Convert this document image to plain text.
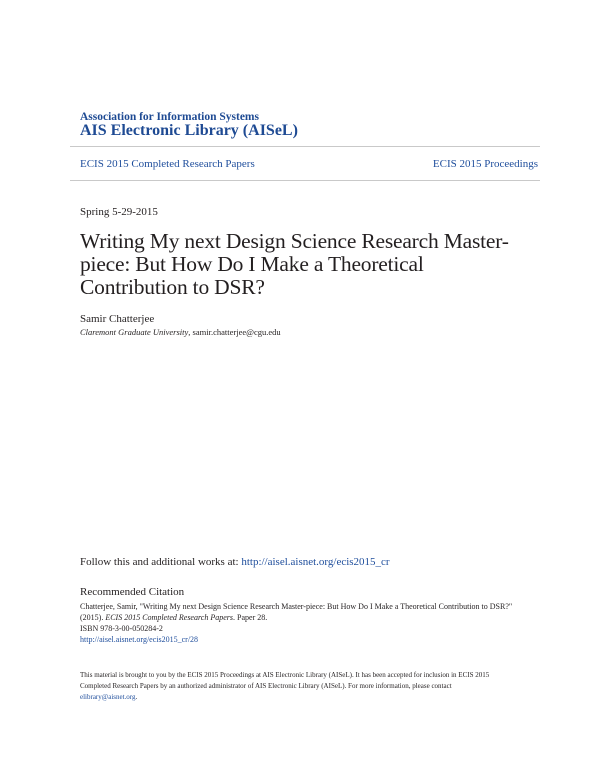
Association for Information Systems
AIS Electronic Library (AISeL)
ECIS 2015 Completed Research Papers	ECIS 2015 Proceedings
Spring 5-29-2015
Writing My next Design Science Research Master-
piece: But How Do I Make a Theoretical
Contribution to DSR?
Samir Chatterjee
Claremont Graduate University, samir.chatterjee@cgu.edu
Follow this and additional works at: http://aisel.aisnet.org/ecis2015_cr
Recommended Citation
Chatterjee, Samir, "Writing My next Design Science Research Master-piece: But How Do I Make a Theoretical Contribution to DSR?"
(2015). ECIS 2015 Completed Research Papers. Paper 28.
ISBN 978-3-00-050284-2
http://aisel.aisnet.org/ecis2015_cr/28
This material is brought to you by the ECIS 2015 Proceedings at AIS Electronic Library (AISeL). It has been accepted for inclusion in ECIS 2015
Completed Research Papers by an authorized administrator of AIS Electronic Library (AISeL). For more information, please contact
elibrary@aisnet.org.
